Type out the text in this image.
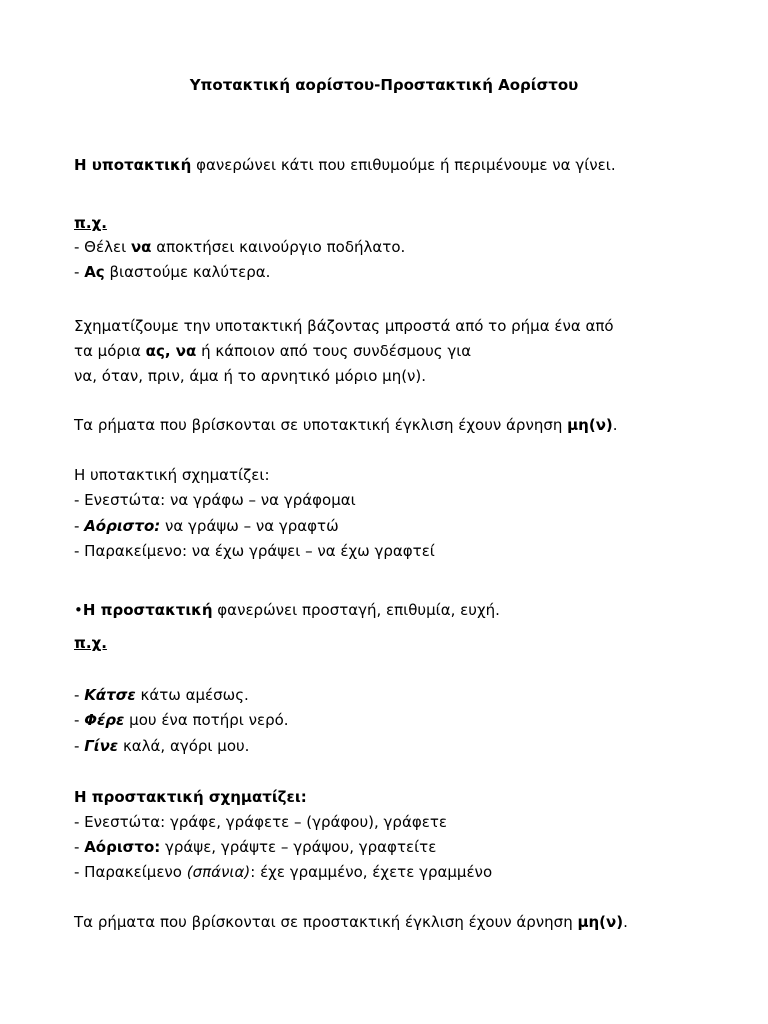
Υποτακτική αορίστου-Προστακτική Αορίστου
Η υποτακτική φανερώνει κάτι που επιθυμούμε ή περιμένουμε να γίνει.
π.χ.
- Θέλει να αποκτήσει καινούργιο ποδήλατο.
- Ας βιαστούμε καλύτερα.
Σχηματίζουμε την υποτακτική βάζοντας μπροστά από το ρήμα ένα από
τα μόρια ας, να ή κάποιον από τους συνδέσμους για
να, όταν, πριν, άμα ή το αρνητικό μόριο μη(ν).
Τα ρήματα που βρίσκονται σε υποτακτική έγκλιση έχουν άρνηση μη(ν).
Η υποτακτική σχηματίζει:
- Ενεστώτα: να γράφω – να γράφομαι
- Αόριστο: να γράψω – να γραφτώ
- Παρακείμενο: να έχω γράψει – να έχω γραφτεί
•Η προστακτική φανερώνει προσταγή, επιθυμία, ευχή.
π.χ.
- Κάτσε κάτω αμέσως.
- Φέρε μου ένα ποτήρι νερό.
- Γίνε καλά, αγόρι μου.
Η προστακτική σχηματίζει:
- Ενεστώτα: γράφε, γράφετε – (γράφου), γράφετε
- Αόριστο: γράψε, γράψτε – γράψου, γραφτείτε
- Παρακείμενο (σπάνια): έχε γραμμένο, έχετε γραμμένο
Τα ρήματα που βρίσκονται σε προστακτική έγκλιση έχουν άρνηση μη(ν).
